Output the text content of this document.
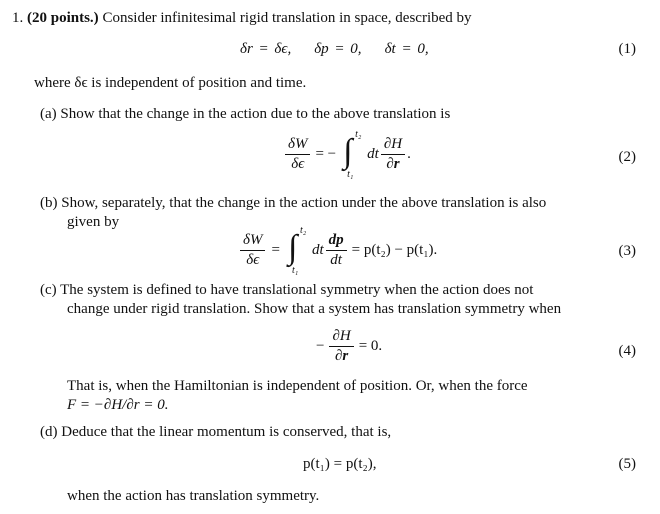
1. (20 points.) Consider infinitesimal rigid translation in space, described by
δr = δϵ, δp = 0, δt = 0,	(1)
where δϵ is independent of position and time.
(a) Show that the change in the action due to the above translation is
$\frac{\delta W}{\delta\epsilon}$ = − ∫ t₂
t₁
dt $\frac{\partial H}{\partial r}$ .	(2)
(b) Show, separately, that the change in the action under the above translation is also
given by
$\frac{\delta W}{\delta\epsilon}$ = ∫ t₂
t₁
dt $\frac{dp}{dt} = p(t_2) - p(t_1)$.	(3)
(c) The system is defined to have translational symmetry when the action does not
change under rigid translation. Show that a system has translation symmetry when
− $\frac{\partial H}{\partial r} = 0$.	(4)
That is, when the Hamiltonian is independent of position. Or, when the force
F = −∂H/∂r = 0.
(d) Deduce that the linear momentum is conserved, that is,
p(t₁) = p(t₂),	(5)
when the action has translation symmetry.
